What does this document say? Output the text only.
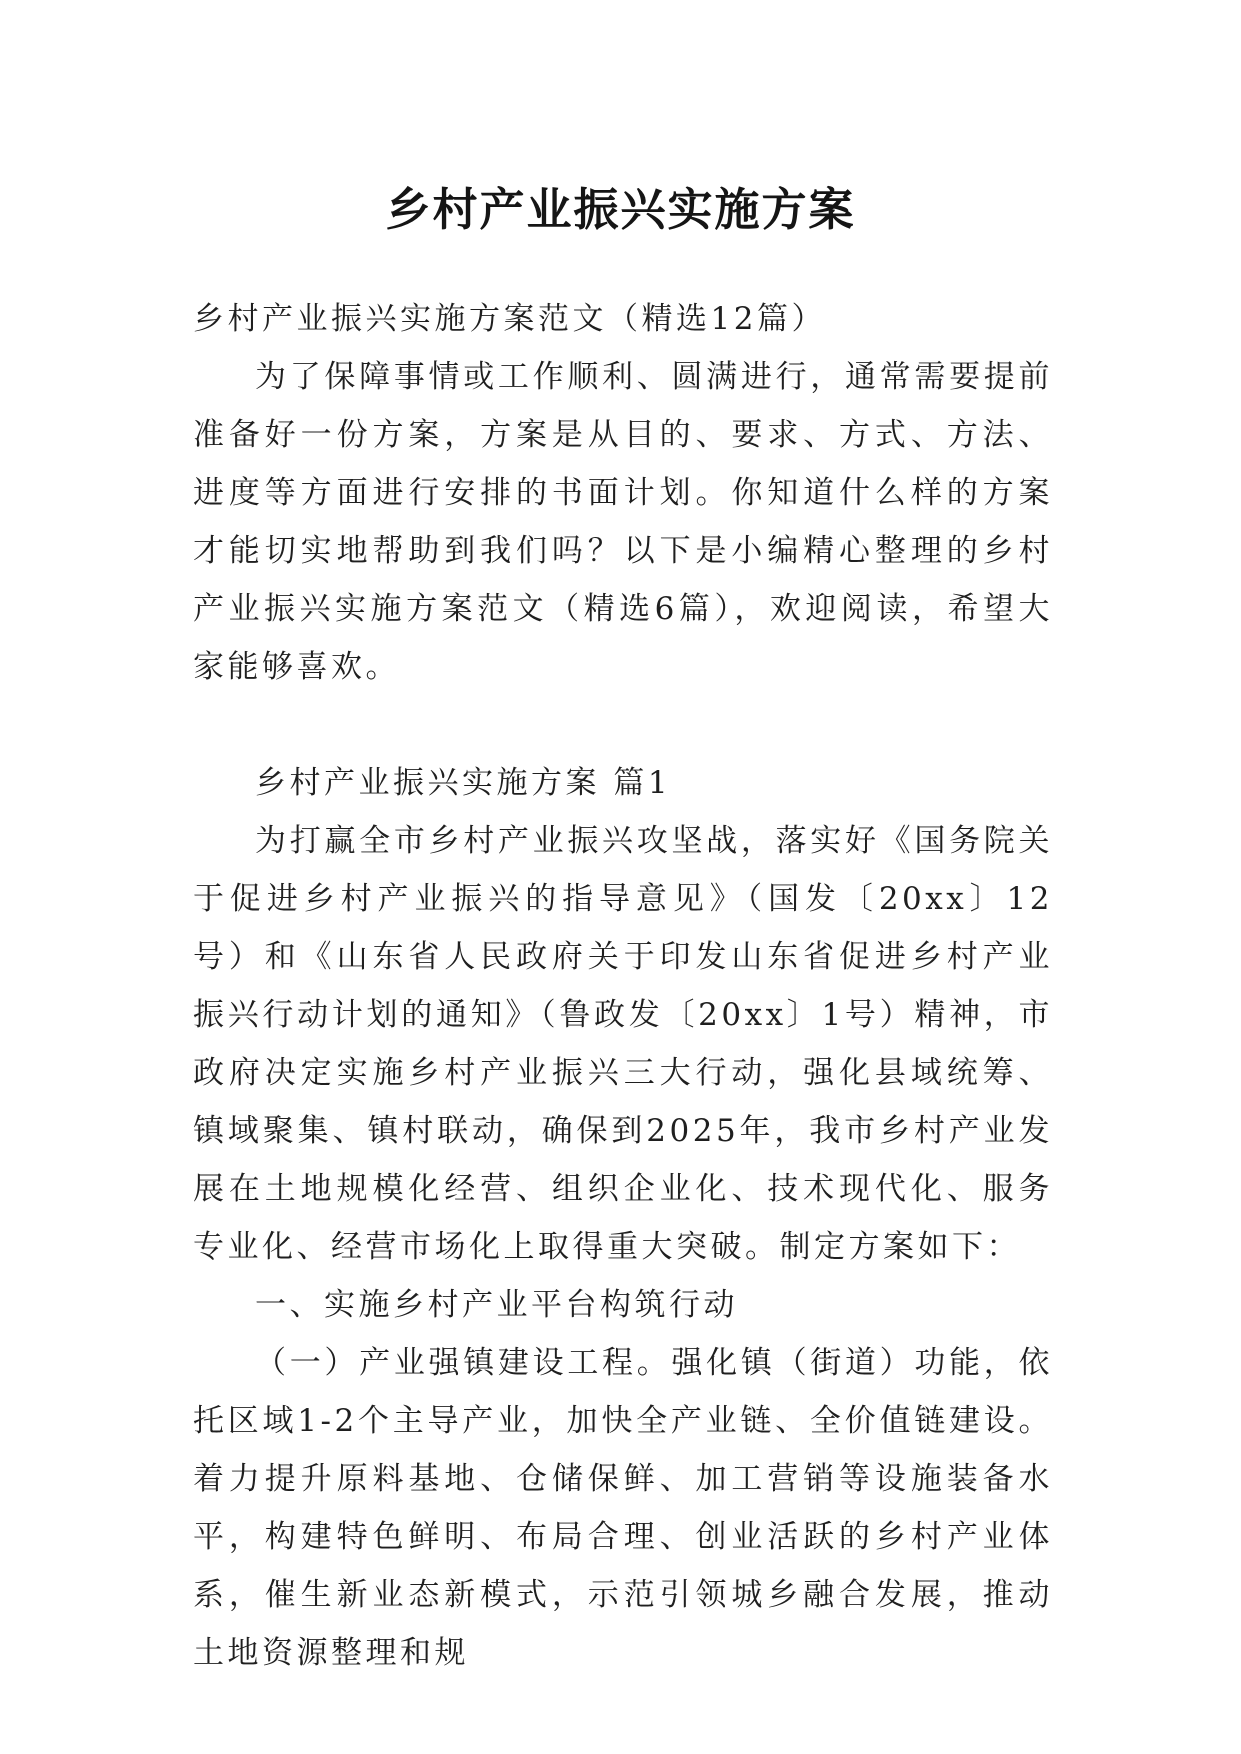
乡村产业振兴实施方案

乡村产业振兴实施方案范文（精选12篇）

为了保障事情或工作顺利、圆满进行，通常需要提前准备好一份方案，方案是从目的、要求、方式、方法、进度等方面进行安排的书面计划。你知道什么样的方案才能切实地帮助到我们吗？以下是小编精心整理的乡村产业振兴实施方案范文（精选6篇），欢迎阅读，希望大家能够喜欢。

乡村产业振兴实施方案 篇1

为打赢全市乡村产业振兴攻坚战，落实好《国务院关于促进乡村产业振兴的指导意见》（国发〔20xx〕12号）和《山东省人民政府关于印发山东省促进乡村产业振兴行动计划的通知》（鲁政发〔20xx〕1号）精神，市政府决定实施乡村产业振兴三大行动，强化县域统筹、镇域聚集、镇村联动，确保到2025年，我市乡村产业发展在土地规模化经营、组织企业化、技术现代化、服务专业化、经营市场化上取得重大突破。制定方案如下：

一、实施乡村产业平台构筑行动

（一）产业强镇建设工程。强化镇（街道）功能，依托区域1-2个主导产业，加快全产业链、全价值链建设。着力提升原料基地、仓储保鲜、加工营销等设施装备水平，构建特色鲜明、布局合理、创业活跃的乡村产业体系，催生新业态新模式，示范引领城乡融合发展，推动土地资源整理和规
